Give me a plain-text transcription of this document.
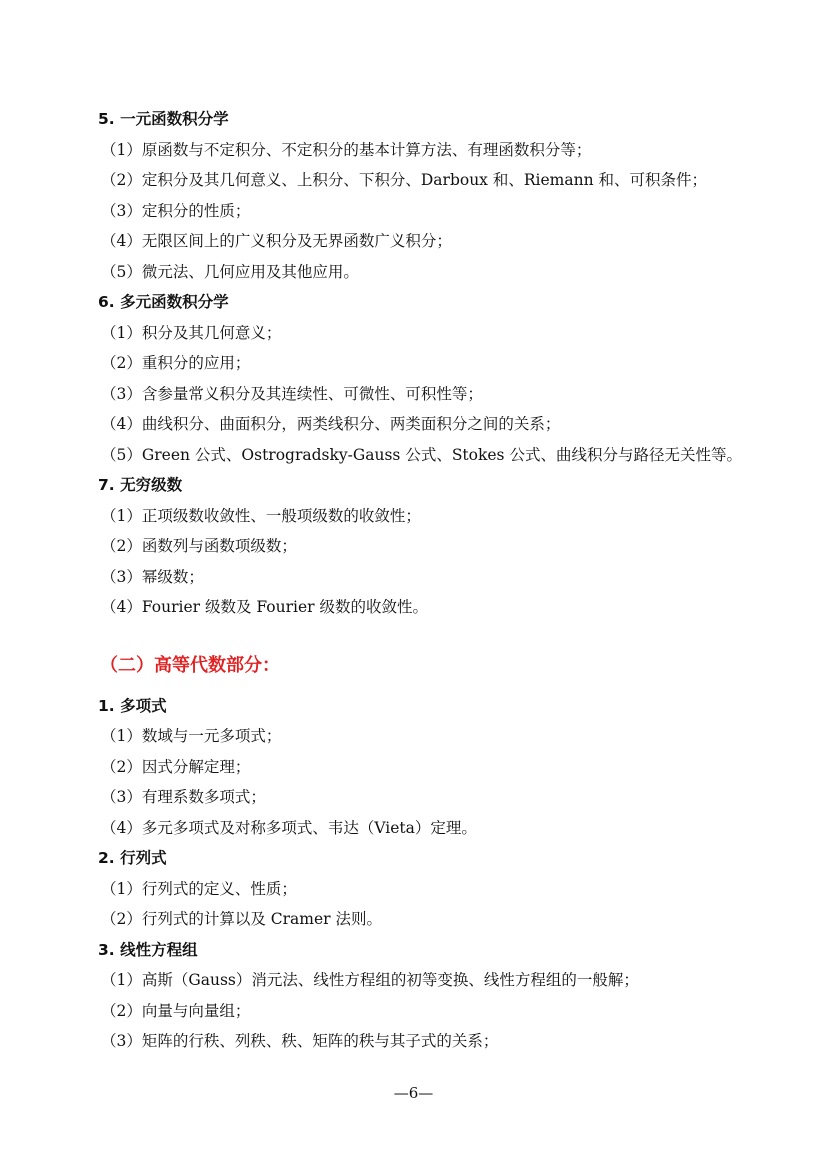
5. 一元函数积分学
（1）原函数与不定积分、不定积分的基本计算方法、有理函数积分等；
（2）定积分及其几何意义、上积分、下积分、Darboux 和、Riemann 和、可积条件；
（3）定积分的性质；
（4）无限区间上的广义积分及无界函数广义积分；
（5）微元法、几何应用及其他应用。
6. 多元函数积分学
（1）积分及其几何意义；
（2）重积分的应用；
（3）含参量常义积分及其连续性、可微性、可积性等；
（4）曲线积分、曲面积分，两类线积分、两类面积分之间的关系；
（5）Green 公式、Ostrogradsky-Gauss 公式、Stokes 公式、曲线积分与路径无关性等。
7. 无穷级数
（1）正项级数收敛性、一般项级数的收敛性；
（2）函数列与函数项级数；
（3）幂级数；
（4）Fourier 级数及 Fourier 级数的收敛性。
（二）高等代数部分：
1. 多项式
（1）数域与一元多项式；
（2）因式分解定理；
（3）有理系数多项式；
（4）多元多项式及对称多项式、韦达（Vieta）定理。
2. 行列式
（1）行列式的定义、性质；
（2）行列式的计算以及 Cramer 法则。
3. 线性方程组
（1）高斯（Gauss）消元法、线性方程组的初等变换、线性方程组的一般解；
（2）向量与向量组；
（3）矩阵的行秩、列秩、秩、矩阵的秩与其子式的关系；
—6—
